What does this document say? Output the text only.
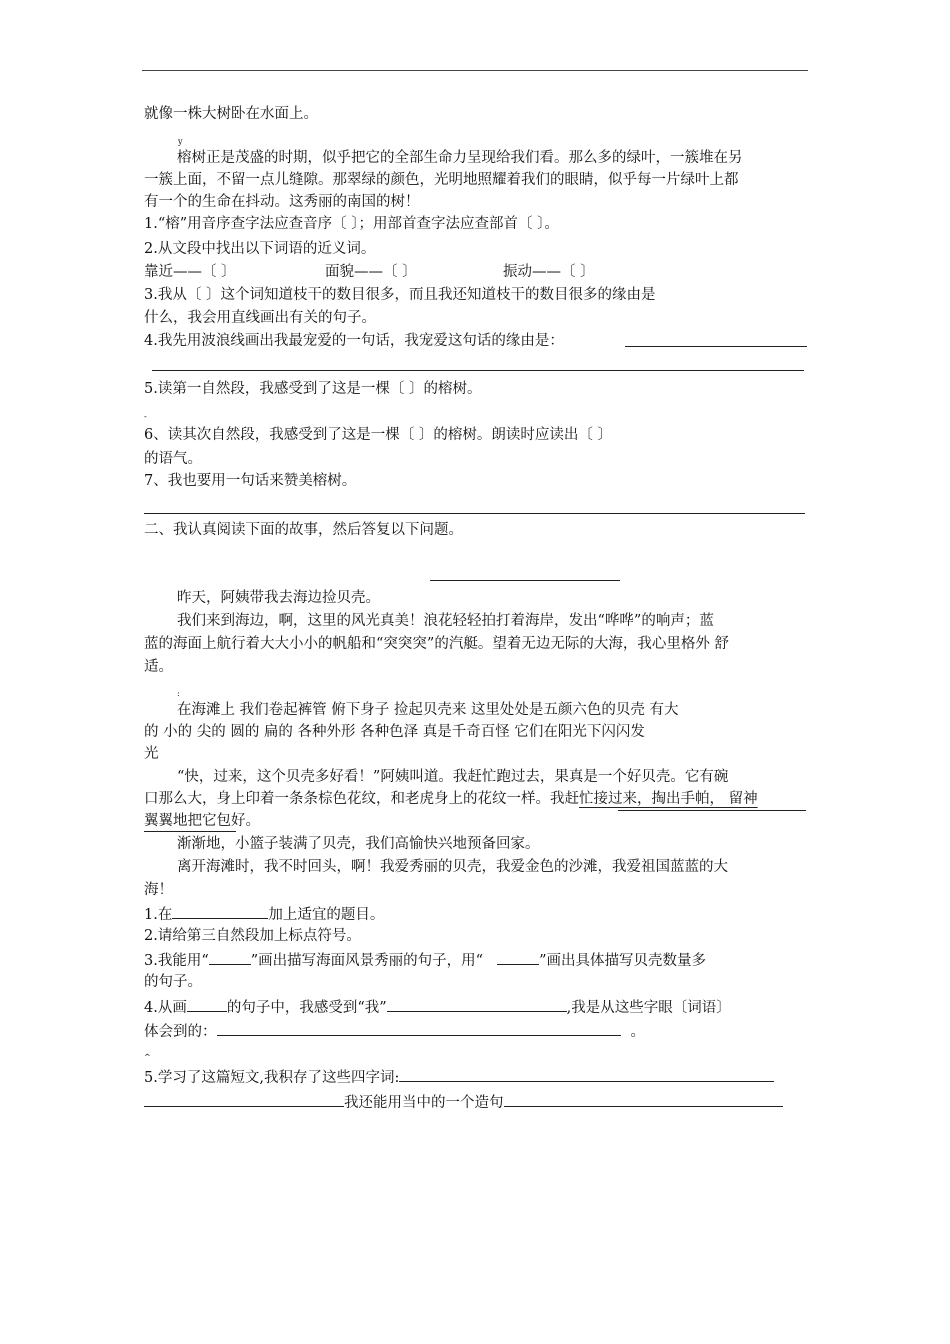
就像一株大树卧在水面上。
y
榕树正是茂盛的时期，似乎把它的全部生命力呈现给我们看。那么多的绿叶，一簇堆在另
一簇上面，不留一点儿缝隙。那翠绿的颜色，光明地照耀着我们的眼睛，似乎每一片绿叶上都
有一个的生命在抖动。这秀丽的南国的树！
1.“榕”用音序查字法应查音序〔 〕；用部首查字法应查部首〔 〕。
2.从文段中找出以下词语的近义词。
靠近——〔 〕	面貌——〔 〕	振动——〔 〕
3.我从〔 〕这个词知道枝干的数目很多，而且我还知道枝干的数目很多的缘由是
什么，我会用直线画出有关的句子。
4.我先用波浪线画出我最宠爱的一句话，我宠爱这句话的缘由是：
5.读第一自然段，我感受到了这是一棵〔 〕的榕树。
-
6、读其次自然段，我感受到了这是一棵〔 〕的榕树。朗读时应读出〔 〕
的语气。
7、我也要用一句话来赞美榕树。
二、我认真阅读下面的故事，然后答复以下问题。
昨天，阿姨带我去海边捡贝壳。
我们来到海边，啊，这里的风光真美！浪花轻轻拍打着海岸，发出“哗哗”的响声；蓝
蓝的海面上航行着大大小小的帆船和“突突突”的汽艇。望着无边无际的大海，我心里格外 舒
适。
:
在海滩上 我们卷起裤管 俯下身子 捡起贝壳来 这里处处是五颜六色的贝壳 有大
的 小的 尖的 圆的 扁的 各种外形 各种色泽 真是千奇百怪 它们在阳光下闪闪发
光
“快，过来，这个贝壳多好看！”阿姨叫道。我赶忙跑过去，果真是一个好贝壳。它有碗
口那么大，身上印着一条条棕色花纹，和老虎身上的花纹一样。我赶忙接过来，掏出手帕， 留神
翼翼地把它包好。
渐渐地，小篮子装满了贝壳，我们高愉快兴地预备回家。
离开海滩时，我不时回头，啊！我爱秀丽的贝壳，我爱金色的沙滩，我爱祖国蓝蓝的大
海！
1.在	加上适宜的题目。
2.请给第三自然段加上标点符号。
3.我能用“	”画出描写海面风景秀丽的句子，用“	”画出具体描写贝壳数量多
的句子。
4.从画	的句子中，我感受到“我”	,我是从这些字眼〔词语〕
体会到的：	。
^
5.学习了这篇短文,我积存了这些四字词:
我还能用当中的一个造句
